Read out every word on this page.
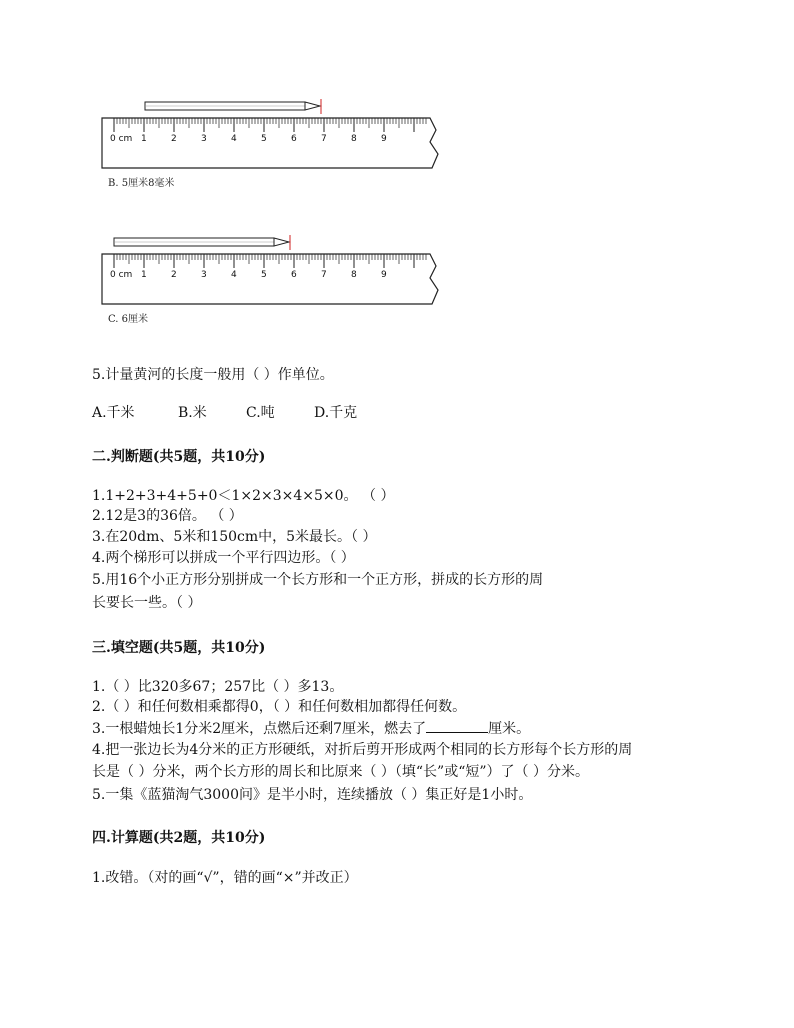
0 cm 1	2	3	4	5	6	7	8	9
B. 5厘米8毫米
0 cm 1	2	3	4	5	6	7	8	9
C. 6厘米
5.计量黄河的长度一般用（ ）作单位。
A.千米	B.米	C.吨	D.千克
二.判断题(共5题，共10分)
1.1+2+3+4+5+0＜1×2×3×4×5×0。 （ ）
2.12是3的36倍。 （ ）
3.在20dm、5米和150cm中，5米最长。（ ）
4.两个梯形可以拼成一个平行四边形。（ ）
5.用16个小正方形分别拼成一个长方形和一个正方形，拼成的长方形的周
长要长一些。（ ）
三.填空题(共5题，共10分)
1.（ ）比320多67；257比（ ）多13。
2.（ ）和任何数相乘都得0，（ ）和任何数相加都得任何数。
3.一根蜡烛长1分米2厘米，点燃后还剩7厘米，燃去了	厘米。
4.把一张边长为4分米的正方形硬纸，对折后剪开形成两个相同的长方形每个长方形的周
长是（ ）分米，两个长方形的周长和比原来（ ）（填“长”或“短”）了（ ）分米。
5.一集《蓝猫淘气3000问》是半小时，连续播放（ ）集正好是1小时。
四.计算题(共2题，共10分)
1.改错。（对的画“√”，错的画“×”并改正）
